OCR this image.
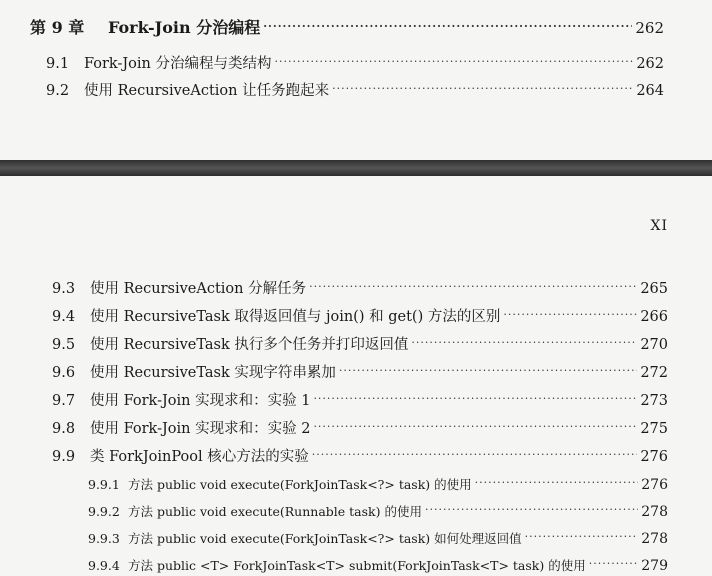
第 9 章	Fork-Join 分治编程 ·····	262
9.1	Fork-Join 分治编程与类结构 ·····	262
9.2	使用 RecursiveAction 让任务跑起来 ·····	264
XI
9.3	使用 RecursiveAction 分解任务 ·····	265
9.4	使用 RecursiveTask 取得返回值与 join() 和 get() 方法的区别 ·····	266
9.5	使用 RecursiveTask 执行多个任务并打印返回值 ·····	270
9.6	使用 RecursiveTask 实现字符串累加 ·····	272
9.7	使用 Fork-Join 实现求和：实验 1 ·····	273
9.8	使用 Fork-Join 实现求和：实验 2 ·····	275
9.9	类 ForkJoinPool 核心方法的实验 ·····	276
9.9.1 方法 public void execute(ForkJoinTask<?> task) 的使用 ·····	276
9.9.2 方法 public void execute(Runnable task) 的使用 ·····	278
9.9.3 方法 public void execute(ForkJoinTask<?> task) 如何处理返回值 ·····	278
9.9.4 方法 public <T> ForkJoinTask<T> submit(ForkJoinTask<T> task) 的使用 ·····	279
